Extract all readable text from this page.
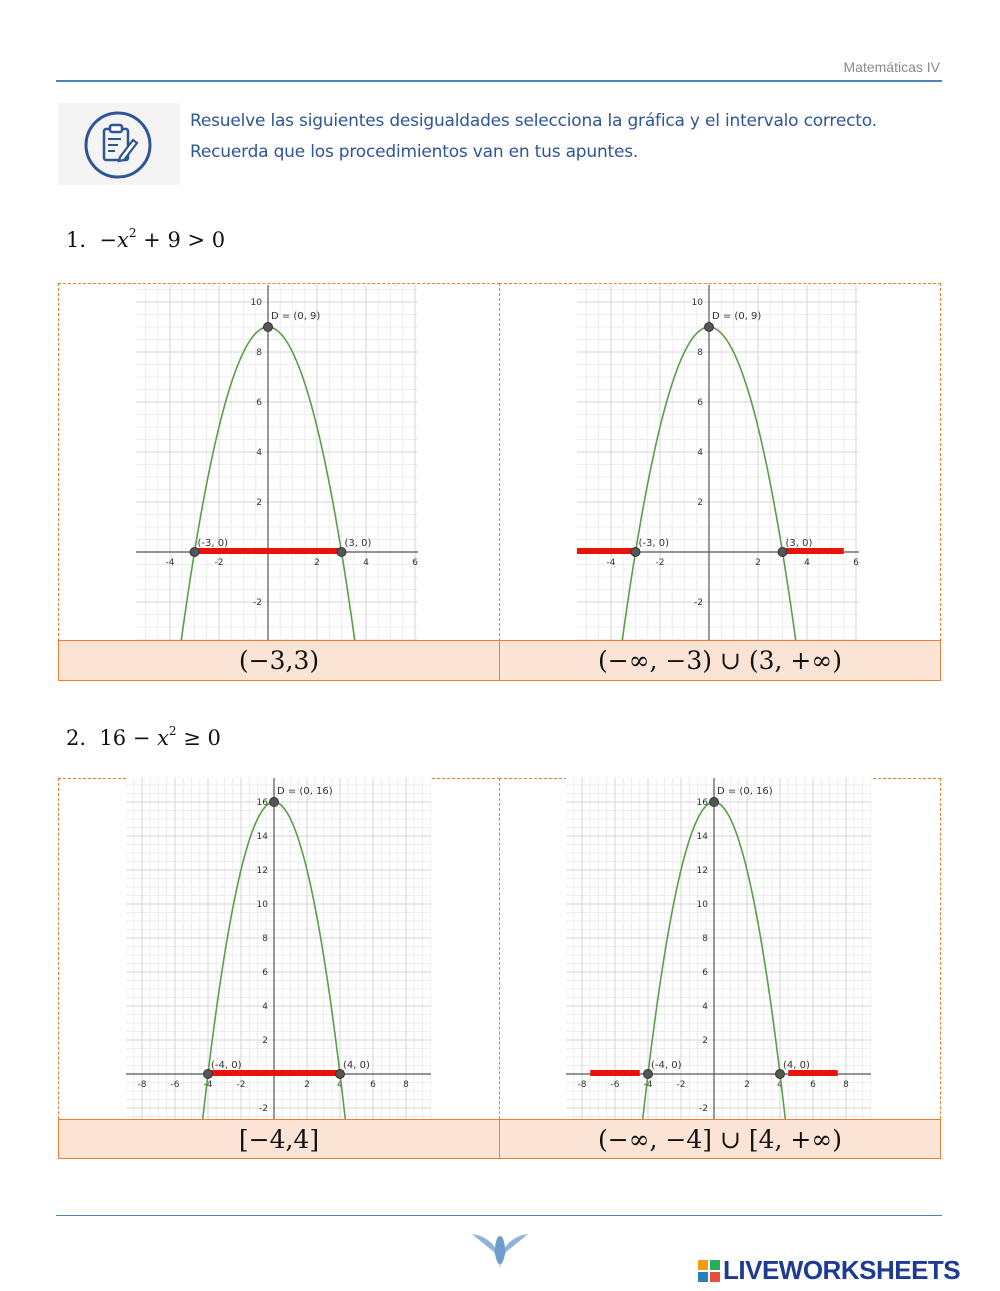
Matemáticas IV
Resuelve las siguientes desigualdades selecciona la gráfica y el intervalo correcto.
Recuerda que los procedimientos van en tus apuntes.
1. $-x^2 + 9 > 0$
-4	-2	2	4	6
-2
2
4
6
8
10
(-3, 0)	(3, 0)
D = (0, 9)
-4	-2	2	4	6
-2
2
4
6
8
10
(-3, 0)	(3, 0)
D = (0, 9)
(−3,3)	(−∞, −3) ∪ (3, +∞)
2. $16 - x^2 \ge 0$
-8	-6	-4	-2	2	4	6	8
-2
2
4
6
8
10
12
14
16
(-4, 0)	(4, 0)
D = (0, 16)
-8	-6	-4	-2	2	4	6	8
-2
2
4
6
8
10
12
14
16
(-4, 0)	(4, 0)
D = (0, 16)
[−4,4]	(−∞, −4] ∪ [4, +∞)
LIVEWORKSHEETS
